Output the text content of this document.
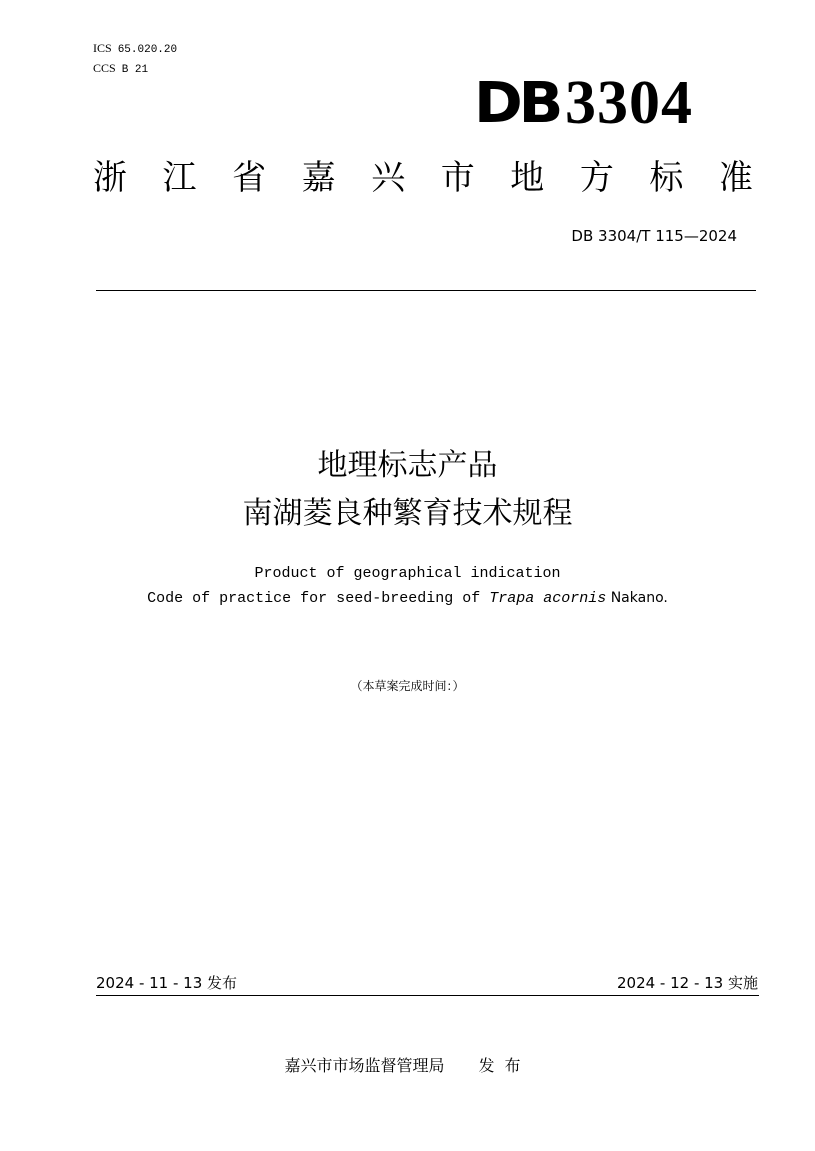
ICS 65.020.20
CCS B 21
DB 3304
浙 江 省 嘉 兴 市 地 方 标 准
DB 3304/T 115—2024
地理标志产品
南湖菱良种繁育技术规程
Product of geographical indication
Code of practice for seed-breeding of Trapa acornis Nakano.
（本草案完成时间：）
2024 - 11 - 13 发布	2024 - 12 - 13 实施
嘉兴市市场监督管理局 发布
